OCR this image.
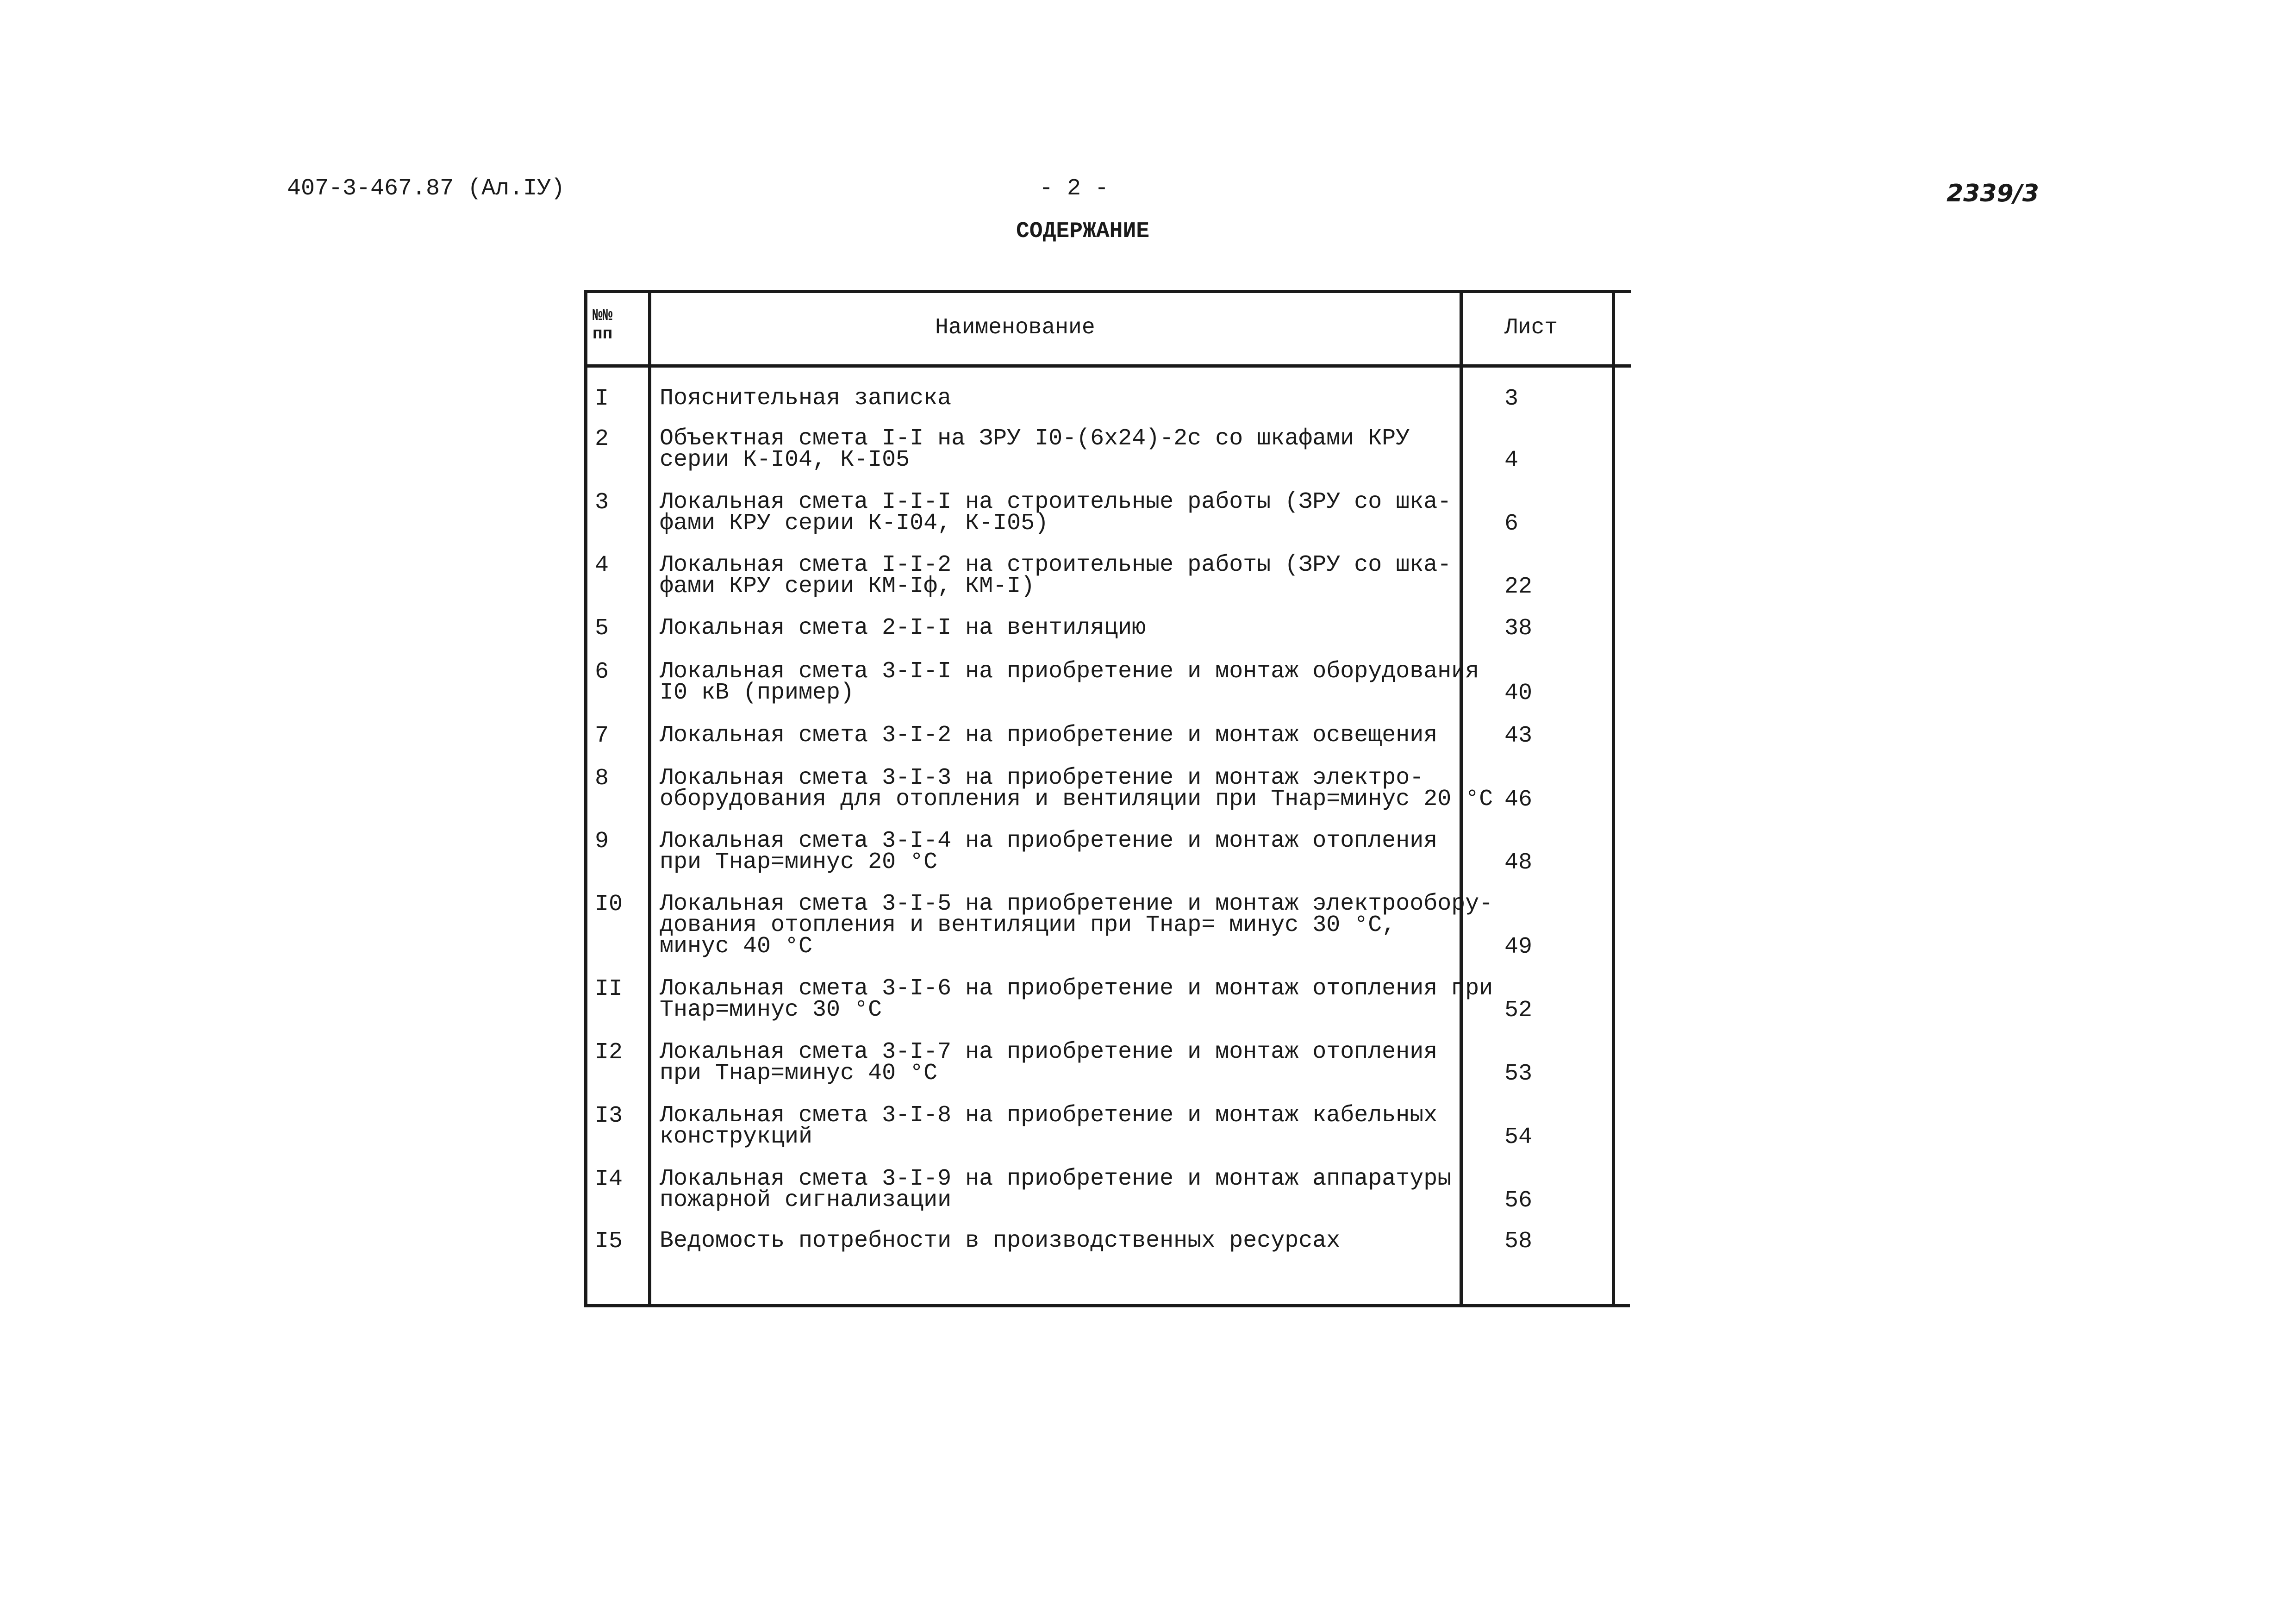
407-3-467.87 (Ал.IУ)	- 2 -	2339/3
СОДЕРЖАНИЕ
№№
пп	Наименование	Лист
I Пояснительная записка	3
2 Объектная смета I-I на ЗРУ I0-(6х24)-2с со шкафами КРУ
серии К-I04, К-I05	4
3 Локальная смета I-I-I на строительные работы (ЗРУ со шка-
фами КРУ серии К-I04, К-I05)	6
4 Локальная смета I-I-2 на строительные работы (ЗРУ со шка-
фами КРУ серии КМ-Iф, КМ-I)	22
5 Локальная смета 2-I-I на вентиляцию	38
6 Локальная смета 3-I-I на приобретение и монтаж оборудования
I0 кВ (пример)	40
7 Локальная смета 3-I-2 на приобретение и монтаж освещения	43
8 Локальная смета 3-I-3 на приобретение и монтаж электро-
оборудования для отопления и вентиляции при Тнар=минус 20 °С 46
9 Локальная смета 3-I-4 на приобретение и монтаж отопления
при Тнар=минус 20 °С	48
I0 Локальная смета 3-I-5 на приобретение и монтаж электрообору-
дования отопления и вентиляции при Тнар= минус 30 °С,
минус 40 °С	49
II Локальная смета 3-I-6 на приобретение и монтаж отопления при
Тнар=минус 30 °С	52
I2 Локальная смета 3-I-7 на приобретение и монтаж отопления
при Тнар=минус 40 °С	53
I3 Локальная смета 3-I-8 на приобретение и монтаж кабельных
конструкций	54
I4 Локальная смета 3-I-9 на приобретение и монтаж аппаратуры
пожарной сигнализации	56
I5 Ведомость потребности в производственных ресурсах	58
